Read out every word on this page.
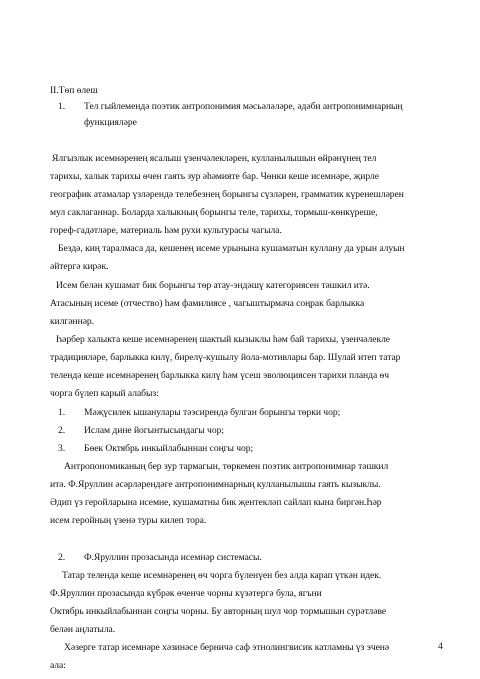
II.Төп өлеш
1. Тел гыйлемендә поэтик антропонимия мәсьәләләре, әдәби антропонимнарның
функцияләре
Ялгызлык исемнәренең ясалыш үзенчәлекләрен, кулланылышын өйрәнүнең тел
тарихы, халык тарихы өчен гаять зур әһәмияте бар. Чөнки кеше исемнәре, җирле
географик атамалар үзләрендә телебезнең борынгы сүзләрен, грамматик күренешләрен
мул саклаганнар. Боларда халыкның борынгы теле, тарихы, тормыш-көнкүреше,
гореф-гадәтләре, материаль һәм рухи культурасы чагыла.
Бездә, киң таралмаса да, кешенең исеме урынына кушаматын куллану да урын алуын
әйтергә кирәк.
Исем белән кушамат бик борынгы төр атау-эндәшү категориясен тәшкил итә.
Атасының исеме (отчество) һәм фамилиясе , чагыштырмача соңрак барлыкка
килгәннәр.
Һәрбер халыкта кеше исемнәренең шактый кызыклы һәм бай тарихы, үзенчәлекле
традицияләре, барлыкка килү, бирелү-кушылу йола-мотивлары бар. Шулай итеп татар
телендә кеше исемнәренең барлыкка килү һәм үсеш эволюциясен тарихи планда өч
чорга бүлеп карый алабыз:
1. Мәҗүсилек ышанулары тәэсирендә булган борынгы төрки чор;
2. Ислам дине йогынтысындагы чор;
3. Бөек Октябрь инкыйлабыннан соңгы чор;
Антропономиканың бер зур тармагын, төркемен поэтик антропонимнар тәшкил
итә. Ф.Яруллин әсәрләрендәге антропонимнарның кулланылышы гаять кызыклы.
Әдип үз геройларына исемне, кушаматны бик җентекләп сайлап кына биргән.Һәр
исем геройның үзенә туры килеп тора.
2. Ф.Яруллин прозасында исемнәр системасы.
Татар телендә кеше исемнәренең өч чорга бүленүен без алда карап үткән идек.
Ф.Яруллин прозасында күбрәк өченче чорны күзәтергә була, ягъни
Октябрь инкыйлабыннан соңгы чорны. Бу авторның шул чор тормышын сурәтләве
белән аңлатыла.
Хәзерге татар исемнәре хәзинәсе берничә саф этнолингвисик катламны үз эченә
ала:
4
